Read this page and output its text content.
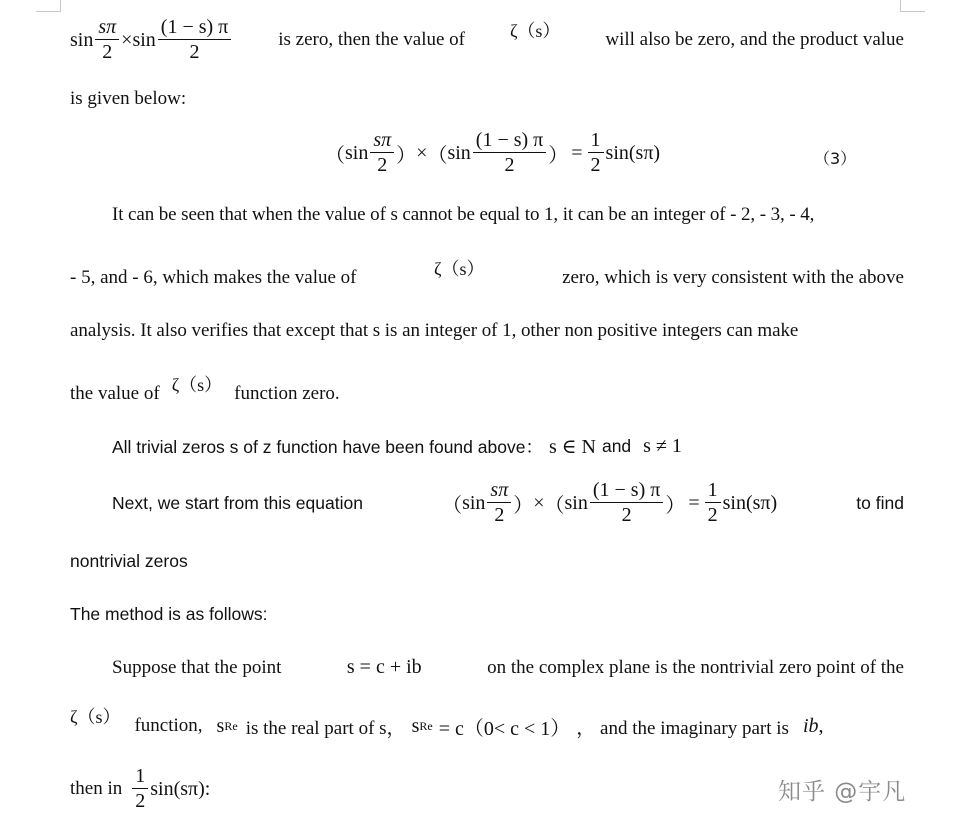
$\sin \frac{s\pi}{2} \times \sin \frac{(1 - s) \pi}{2}$ is zero, then the value of ζ（s） will also be zero, and the product value
is given below:
（ $\sin \frac{s\pi}{2}$ ） × （ $\sin \frac{(1 - s) \pi}{2}$ ） = $\frac{1}{2} \sin(s\pi)$	（3）
It can be seen that when the value of s cannot be equal to 1, it can be an integer of - 2, - 3, - 4,
- 5, and - 6, which makes the value of	ζ（s）	zero, which is very consistent with the above
analysis. It also verifies that except that s is an integer of 1, other non positive integers can make
the value of ζ（s） function zero.
All trivial zeros s of z function have been found above： s ∈ N and s ≠ 1
Next, we start from this equation	（ $\sin \frac{s\pi}{2}$ ） × （ $\sin \frac{(1 - s) \pi}{2}$ ） = $\frac{1}{2} \sin(s\pi)$	to find
nontrivial zeros
The method is as follows:
Suppose that the point	s = c + ib	on the complex plane is the nontrivial zero point of the
ζ（s） function, s Re is the real part of s， s Re = c（0< c < 1） ， and the imaginary part is ib ,
then in $\frac{1}{2} \sin(s\pi)$ :	知乎 @宇凡
